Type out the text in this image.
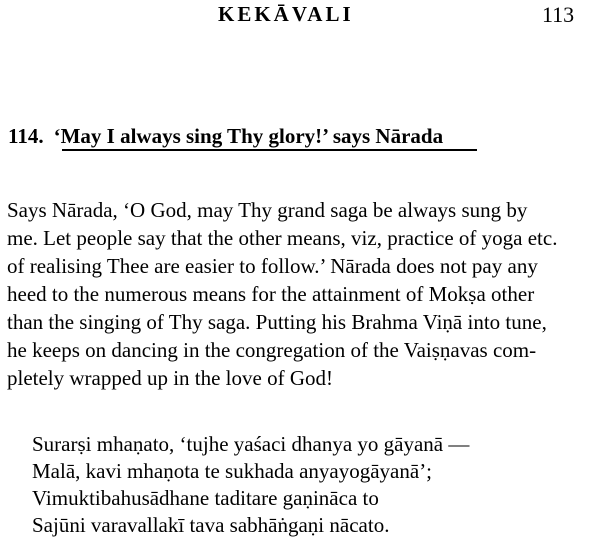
KEKĀVALI	113
114. ‘May I always sing Thy glory!’ says Nārada
Says Nārada, ‘O God, may Thy grand saga be always sung by
me. Let people say that the other means, viz, practice of yoga etc.
of realising Thee are easier to follow.’ Nārada does not pay any
heed to the numerous means for the attainment of Mokṣa other
than the singing of Thy saga. Putting his Brahma Viṇā into tune,
he keeps on dancing in the congregation of the Vaiṣṇavas com-
pletely wrapped up in the love of God!
Surarṣi mhaṇato, ‘tujhe yaśaci dhanya yo gāyanā —
Malā, kavi mhaṇota te sukhada anyayogāyanā’;
Vimuktibahusādhane taditare gaṇināca to
Sajūni varavallakī tava sabhāṅgaṇi nācato.
